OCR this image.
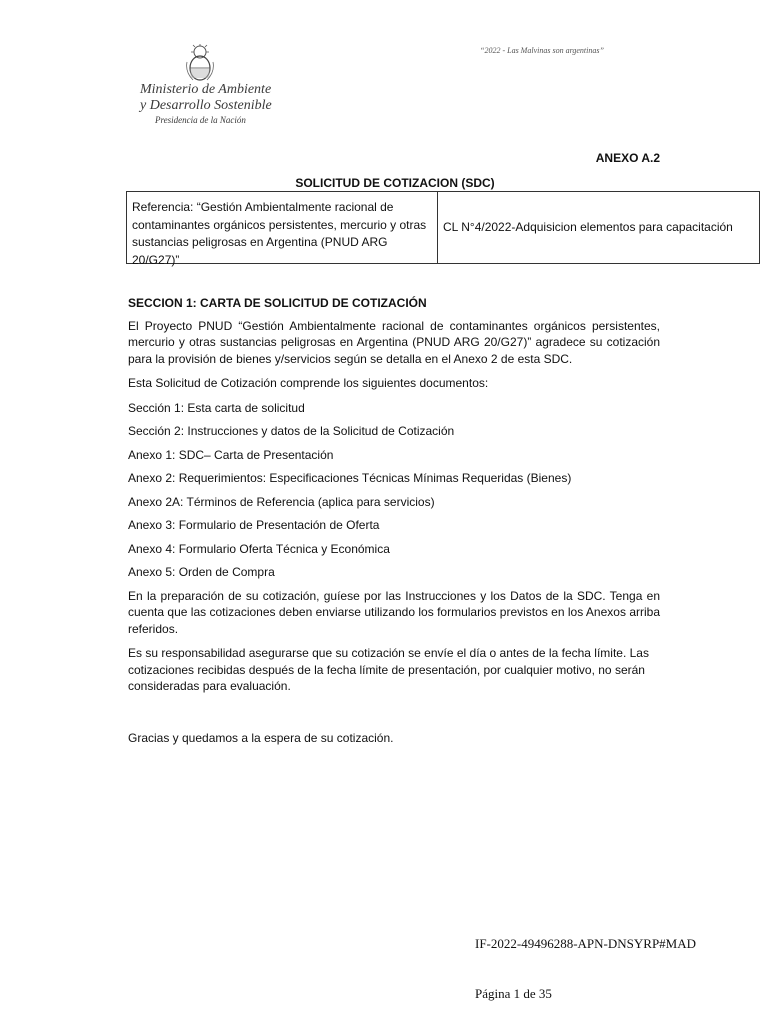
“2022 - Las Malvinas son argentinas”
Ministerio de Ambiente
y Desarrollo Sostenible
Presidencia de la Nación
ANEXO A.2
SOLICITUD DE COTIZACION (SDC)
Referencia: “Gestión Ambientalmente racional de contaminantes orgánicos persistentes, mercurio y otras sustancias peligrosas en Argentina (PNUD ARG 20/G27)”
CL N°4/2022-Adquisicion elementos para capacitación
SECCION 1: CARTA DE SOLICITUD DE COTIZACIÓN
El Proyecto PNUD “Gestión Ambientalmente racional de contaminantes orgánicos persistentes, mercurio y otras sustancias peligrosas en Argentina (PNUD ARG 20/G27)” agradece su cotización para la provisión de bienes y/servicios según se detalla en el Anexo 2 de esta SDC.
Esta Solicitud de Cotización comprende los siguientes documentos:
Sección 1: Esta carta de solicitud
Sección 2: Instrucciones y datos de la Solicitud de Cotización
Anexo 1: SDC– Carta de Presentación
Anexo 2: Requerimientos: Especificaciones Técnicas Mínimas Requeridas (Bienes)
Anexo 2A: Términos de Referencia (aplica para servicios)
Anexo 3: Formulario de Presentación de Oferta
Anexo 4: Formulario Oferta Técnica y Económica
Anexo 5: Orden de Compra
En la preparación de su cotización, guíese por las Instrucciones y los Datos de la SDC. Tenga en cuenta que las cotizaciones deben enviarse utilizando los formularios previstos en los Anexos arriba referidos.
Es su responsabilidad asegurarse que su cotización se envíe el día o antes de la fecha límite. Las cotizaciones recibidas después de la fecha límite de presentación, por cualquier motivo, no serán consideradas para evaluación.
Gracias y quedamos a la espera de su cotización.
IF-2022-49496288-APN-DNSYRP#MAD
Página 1 de 35
